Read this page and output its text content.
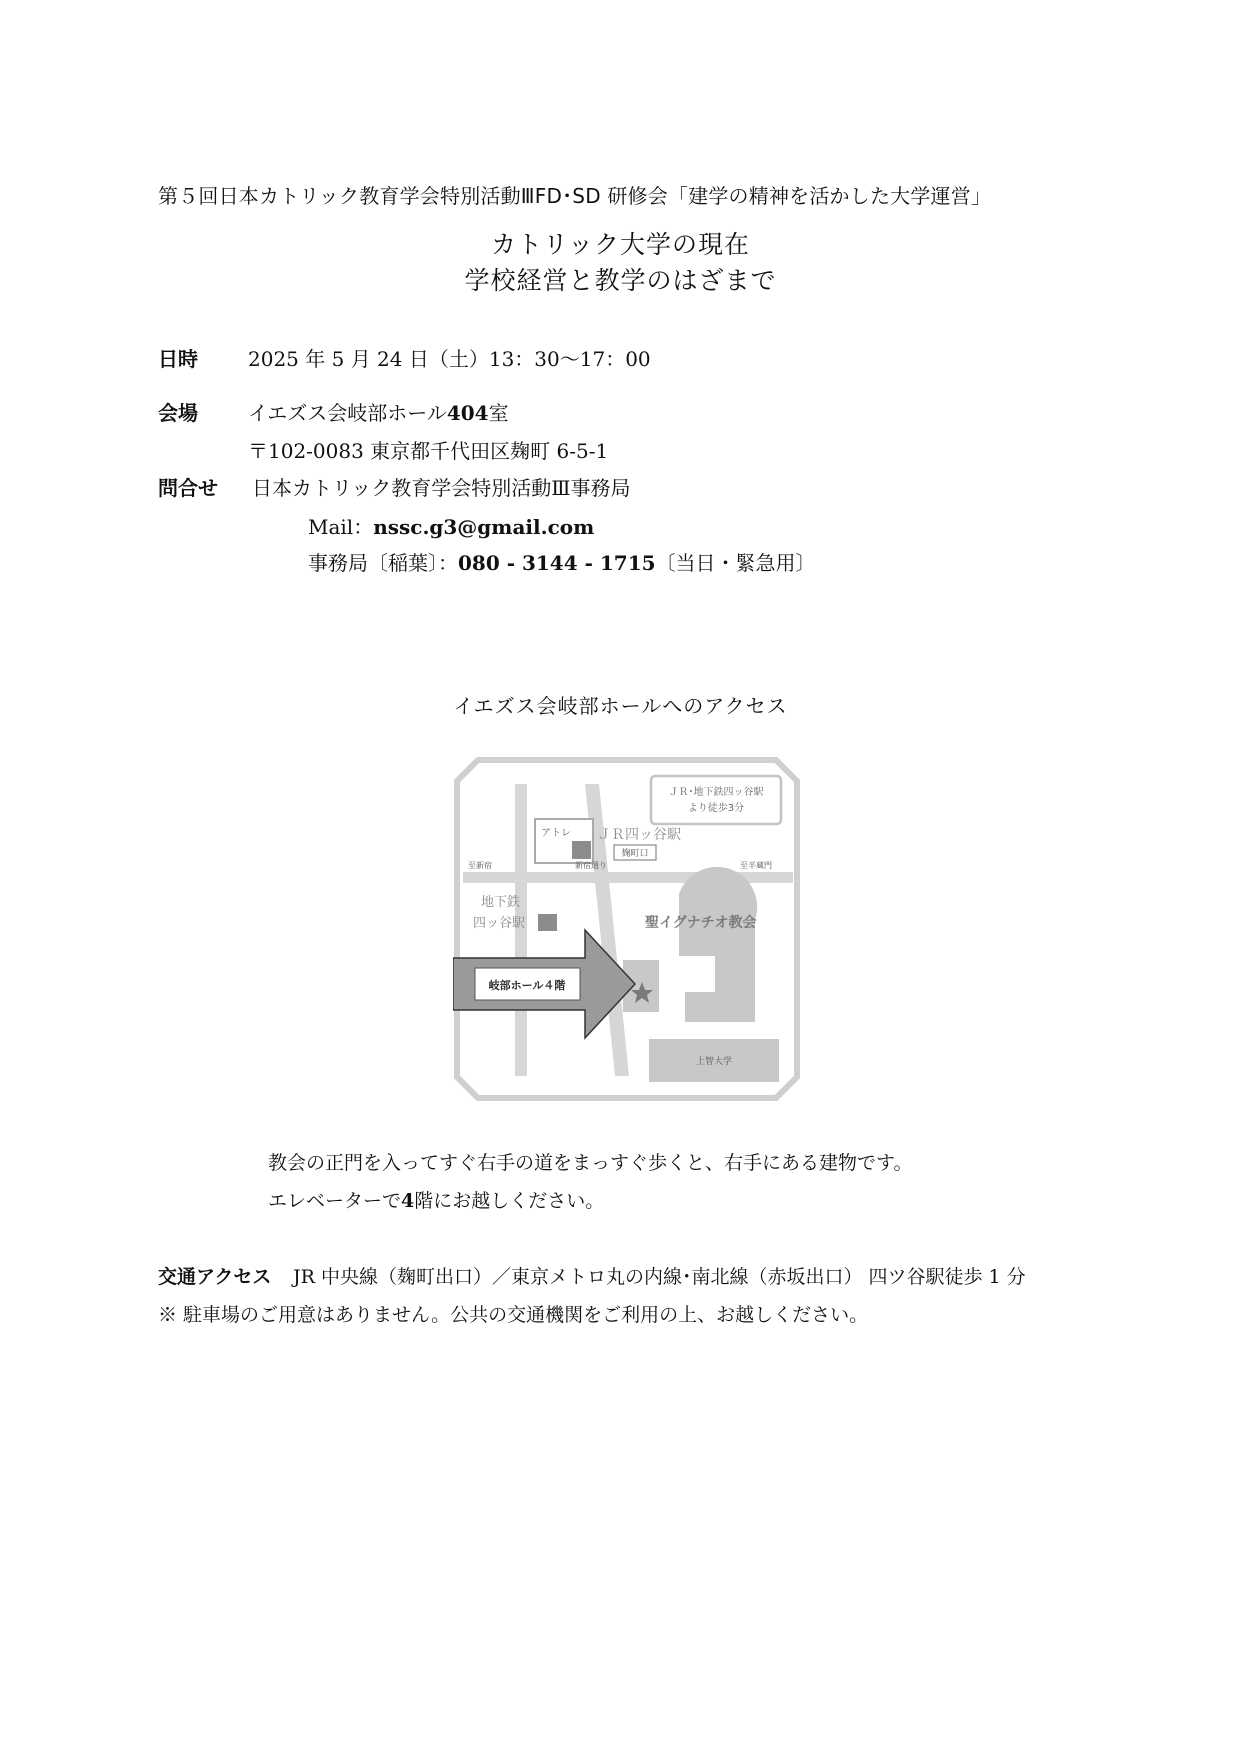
第５回日本カトリック教育学会特別活動ⅢFD･SD 研修会「建学の精神を活かした大学運営」
カトリック大学の現在
学校経営と教学のはざまで
日時	2025 年 5 月 24 日（土）13：30〜17：00
会場	イエズス会岐部ホール404室
〒102-0083 東京都千代田区麹町 6-5-1
問合せ 日本カトリック教育学会特別活動Ⅲ事務局
Mail：nssc.g3@gmail.com
事務局〔稲葉〕：080 - 3144 - 1715〔当日・緊急用〕
イエズス会岐部ホールへのアクセス
ＪＲ･地下鉄四ッ谷駅
より徒歩3分
アトレ ＪＲ四ッ谷駅
麹町口
至新宿	新宿通り	至半蔵門
地下鉄
四ッ谷駅	聖イグナチオ教会
岐部ホール４階
上智大学
教会の正門を入ってすぐ右手の道をまっすぐ歩くと、右手にある建物です。
エレベーターで4階にお越しください。
交通アクセス JR 中央線（麹町出口）／東京メトロ丸の内線･南北線（赤坂出口） 四ツ谷駅徒歩 1 分
※ 駐車場のご用意はありません。公共の交通機関をご利用の上、お越しください。
